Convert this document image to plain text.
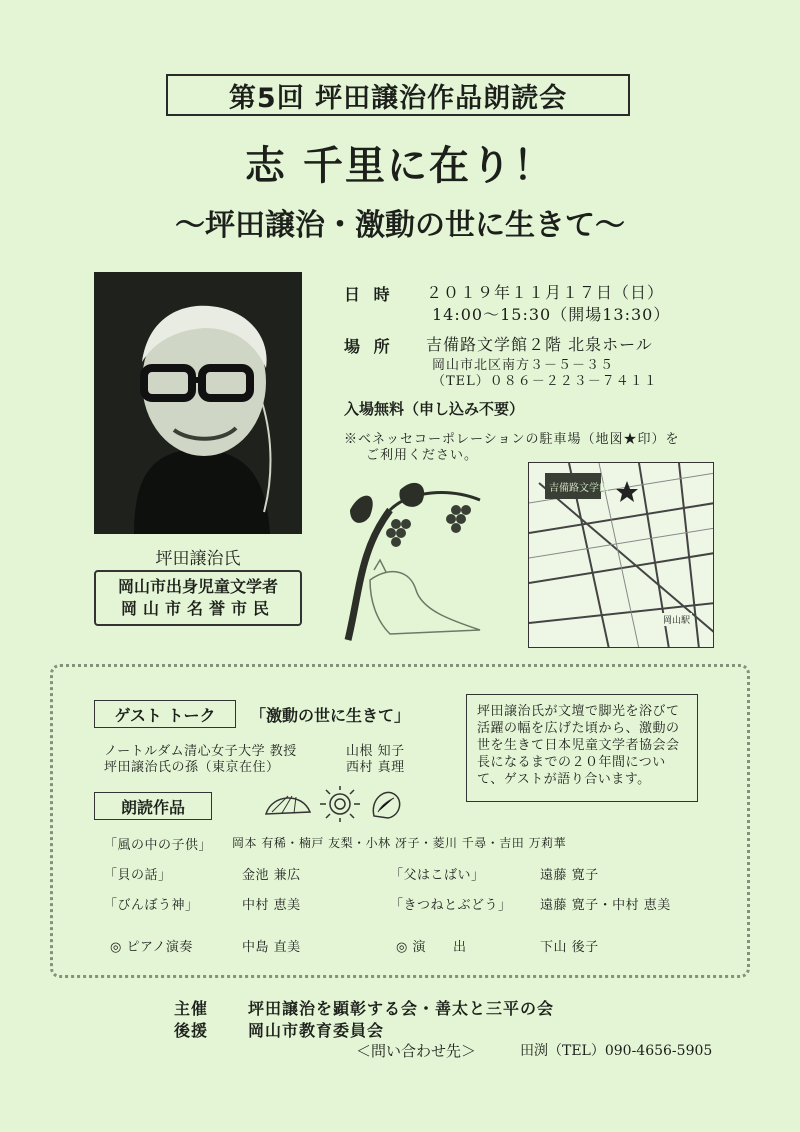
第5回 坪田譲治作品朗読会
志 千里に在り！
〜坪田譲治・激動の世に生きて〜
坪田譲治氏
岡山市出身児童文学者
岡山市名誉市民
日 時 ２０１９年１１月１７日（日）
14:00〜15:30（開場13:30）
場 所 吉備路文学館２階 北泉ホール
岡山市北区南方３－５－３５
（TEL）０８６－２２３－７４１１
入場無料（申し込み不要）
※ベネッセコーポレーションの駐車場（地図★印）を
ご利用ください。
吉備路文学館
岡山駅
ゲスト トーク	「激動の世に生きて」
ノートルダム清心女子大学 教授	山根 知子
坪田譲治氏の孫（東京在住）	西村 真理
坪田譲治氏が文壇で脚光を浴びて活躍の幅を広げた頃から、激動の世を生きて日本児童文学者協会会長になるまでの２０年間について、ゲストが語り合います。
朗読作品
「風の中の子供」 岡本 有稀・楠戸 友梨・小林 冴子・菱川 千尋・吉田 万莉華
「貝の話」	金池 兼広	「父はこばい」	遠藤 寛子
「びんぼう神」	中村 恵美	「きつねとぶどう」 遠藤 寛子・中村 恵美
◎ ピアノ演奏	中島 直美	◎ 演　　出	下山 後子
主催 坪田譲治を顕彰する会・善太と三平の会
後援 岡山市教育委員会
＜問い合わせ先＞	田渕（TEL）090-4656-5905
